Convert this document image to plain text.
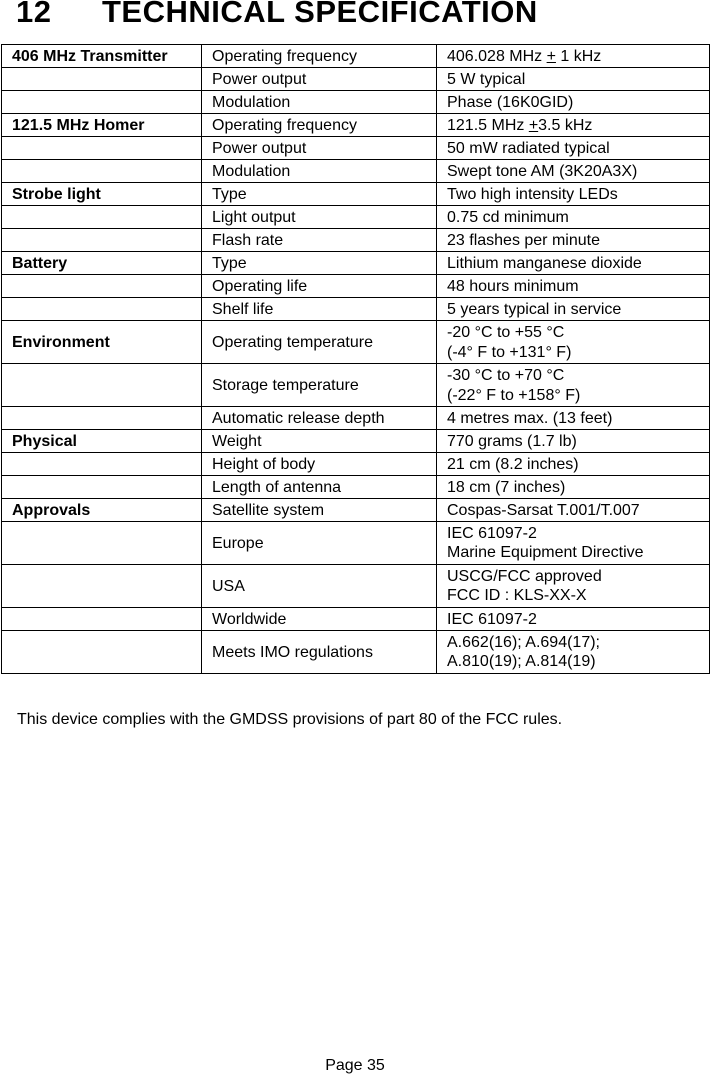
12 TECHNICAL SPECIFICATION
406 MHz Transmitter	Operating frequency	406.028 MHz + 1 kHz
	Power output	5 W typical
	Modulation	Phase (16K0GID)
121.5 MHz Homer	Operating frequency	121.5 MHz +3.5 kHz
	Power output	50 mW radiated typical
	Modulation	Swept tone AM (3K20A3X)
Strobe light	Type	Two high intensity LEDs
	Light output	0.75 cd minimum
	Flash rate	23 flashes per minute
Battery	Type	Lithium manganese dioxide
	Operating life	48 hours minimum
	Shelf life	5 years typical in service
Environment	Operating temperature	-20 °C to +55 °C
(-4° F to +131° F)

	Storage temperature	-30 °C to +70 °C
(-22° F to +158° F)

	Automatic release depth	4 metres max. (13 feet)
Physical	Weight	770 grams (1.7 lb)
	Height of body	21 cm (8.2 inches)
	Length of antenna	18 cm (7 inches)
Approvals	Satellite system	Cospas-Sarsat T.001/T.007
	Europe	IEC 61097-2
Marine Equipment Directive

	USA	USCG/FCC approved
FCC ID : KLS-XX-X

	Worldwide	IEC 61097-2
	Meets IMO regulations	A.662(16); A.694(17);
A.810(19); A.814(19)
This device complies with the GMDSS provisions of part 80 of the FCC rules.
Page 35
